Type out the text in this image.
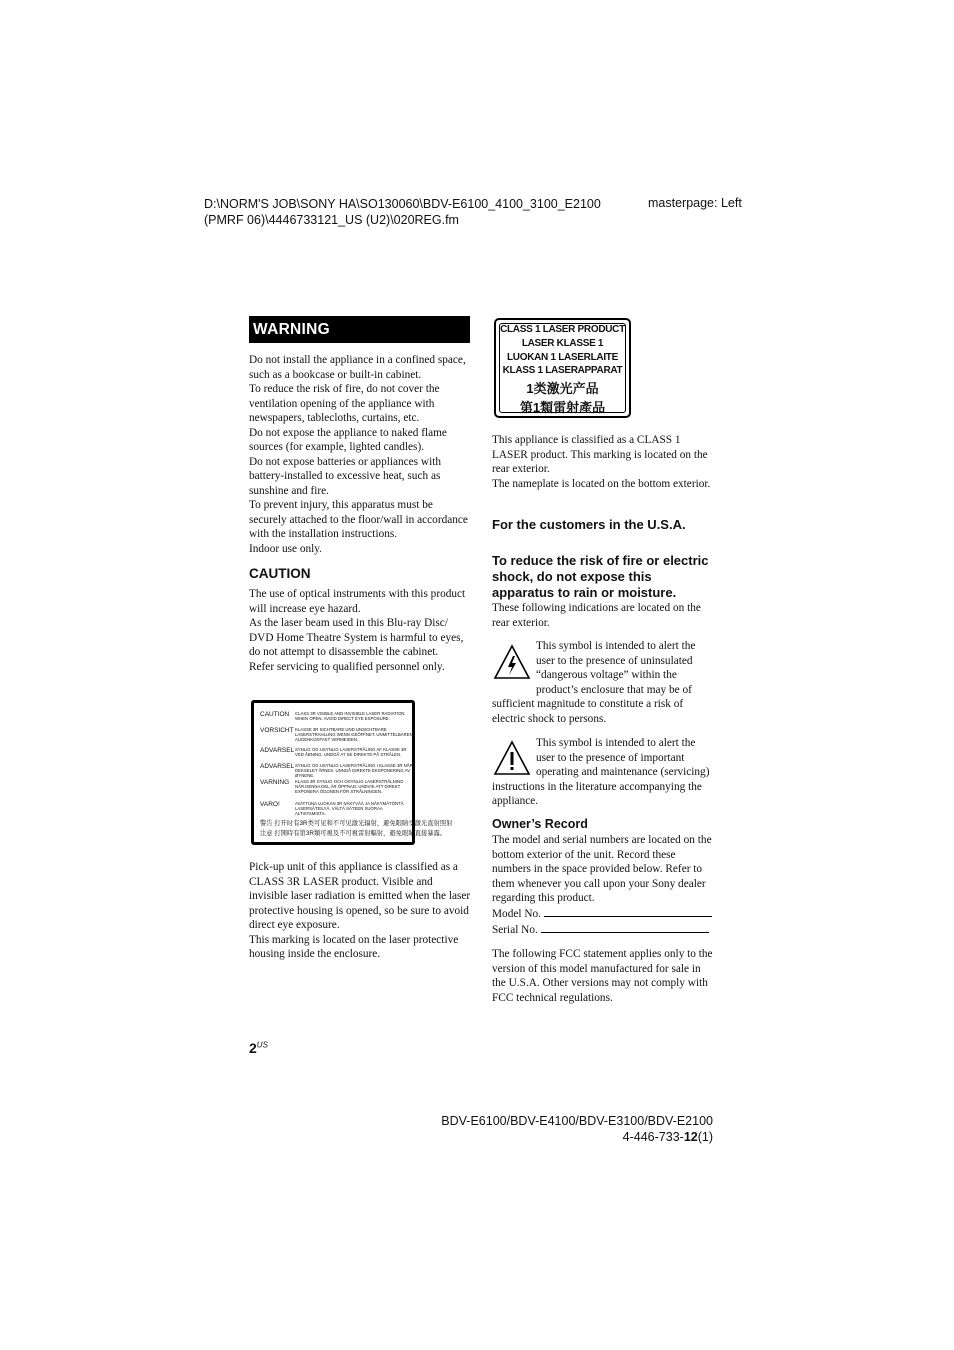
D:\NORM'S JOB\SONY HA\SO130060\BDV-E6100_4100_3100_E2100
(PMRF 06)\4446733121_US (U2)\020REG.fm
masterpage: Left
WARNING

Do not install the appliance in a confined space, such as a bookcase or built-in cabinet.

To reduce the risk of fire, do not cover the ventilation opening of the appliance with newspapers, tablecloths, curtains, etc.

Do not expose the appliance to naked flame sources (for example, lighted candles).

Do not expose batteries or appliances with battery-installed to excessive heat, such as sunshine and fire.

To prevent injury, this apparatus must be securely attached to the floor/wall in accordance with the installation instructions.

Indoor use only.

CAUTION

The use of optical instruments with this product will increase eye hazard.

As the laser beam used in this Blu-ray Disc/ DVD Home Theatre System is harmful to eyes, do not attempt to disassemble the cabinet.

Refer servicing to qualified personnel only.

CAUTION CLASS 3R VISIBLE AND INVISIBLE LASER RADIATION WHEN OPEN. AVOID DIRECT EYE EXPOSURE.
VORSICHT KLASSE 3R SICHTBARE UND UNSICHTBARE LASERSTRAHLUNG WENN GEÖFFNET. UNMITTELBAREN AUGENKONTAKT VERMEIDEN.
ADVARSEL SYNLIG OG USYNLIG LASERSTRÅLING AF KLASSE 3R VED ÅBNING. UNDGÅ AT SE DIREKTE PÅ STRÅLEN.
ADVARSEL SYNLIG OG USYNLIG LASERSTRÅLING I KLASSE 3R NÅR DEKSELET ÅPNES. UNNGÅ DIREKTE EKSPONERING AV ØYNENE.
VARNING KLASS 3R SYNLIG OCH OSYNLIG LASERSTRÅLNING NÄR DENNA DEL ÄR ÖPPNAD. UNDVIK ATT DIREKT EXPONERA ÖGONEN FÖR STRÅLNINGEN.
VARO!	AVATTUNA LUOKAN 3R NÄKYVÄÄ JA NÄKYMÄTÖNTÄ LASERSÄTEILYÄ. VÄLTÄ SÄTEEN SUORAA ALTISTAMISTA.
警告 打开时有3R类可见和不可见激光辐射，避免眼睛受激光直射照射
注意 打開時有第3R類可視及不可視雷射輻射，避免眼睛直接暴露。

Pick-up unit of this appliance is classified as a CLASS 3R LASER product. Visible and invisible laser radiation is emitted when the laser protective housing is opened, so be sure to avoid direct eye exposure.

This marking is located on the laser protective housing inside the enclosure.

$2^{US}$
CLASS 1 LASER PRODUCT
LASER KLASSE 1
LUOKAN 1 LASERLAITE
KLASS 1 LASERAPPARAT
1类激光产品
第1類雷射產品

This appliance is classified as a CLASS 1 LASER product. This marking is located on the rear exterior.

The nameplate is located on the bottom exterior.

For the customers in the U.S.A.
To reduce the risk of fire or electric shock, do not expose this apparatus to rain or moisture.
These following indications are located on the rear exterior.
This symbol is intended to alert the user to the presence of uninsulated “dangerous voltage” within the product’s enclosure that may be of sufficient magnitude to constitute a risk of electric shock to persons.
This symbol is intended to alert the user to the presence of important operating and maintenance (servicing) instructions in the literature accompanying the appliance.
Owner’s Record
The model and serial numbers are located on the bottom exterior of the unit. Record these numbers in the space provided below. Refer to them whenever you call upon your Sony dealer regarding this product.
Model No.
Serial No.
The following FCC statement applies only to the version of this model manufactured for sale in the U.S.A. Other versions may not comply with FCC technical regulations.
BDV-E6100/BDV-E4100/BDV-E3100/BDV-E2100
4-446-733-12(1)
